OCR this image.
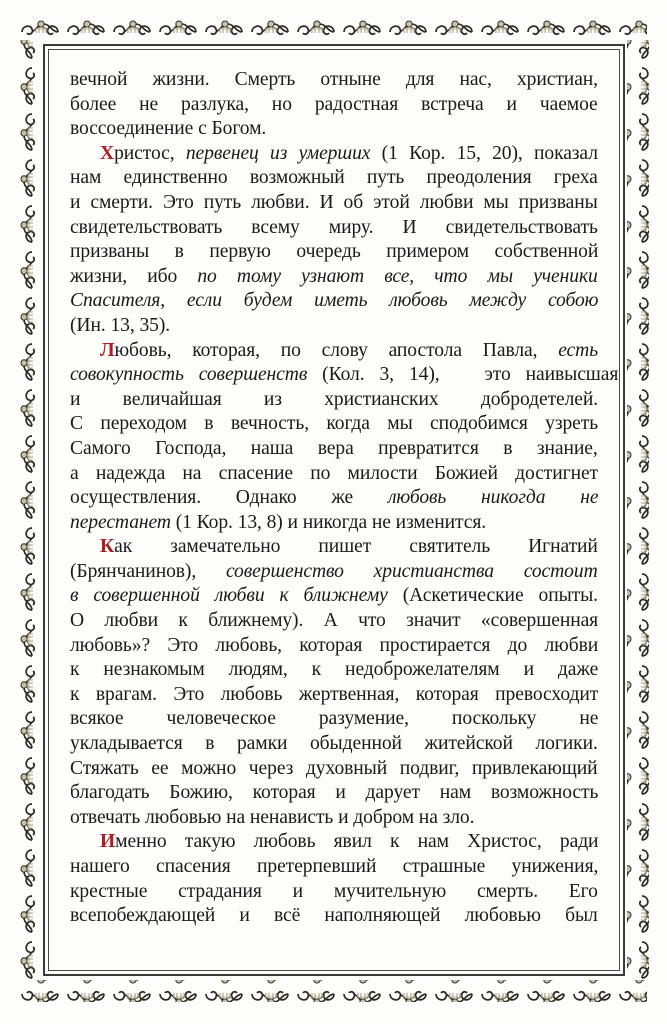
вечной жизни. Смерть отныне для нас, христиан,
более не разлука, но радостная встреча и чаемое
воссоединение с Богом.
Христос, первенец из умерших (1 Кор. 15, 20), показал
нам единственно возможный путь преодоления греха
и смерти. Это путь любви. И об этой любви мы призваны
свидетельствовать всему миру. И свидетельствовать
призваны в первую очередь примером собственной
жизни, ибо по тому узнают все, что мы ученики
Спасителя, если будем иметь любовь между собою
(Ин. 13, 35).
Любовь, которая, по слову апостола Павла, есть
совокупность совершенств (Кол. 3, 14),   это наивысшая
и величайшая из христианских добродетелей.
С переходом в вечность, когда мы сподобимся узреть
Самого Господа, наша вера превратится в знание,
а надежда на спасение по милости Божией достигнет
осуществления. Однако же любовь никогда не
перестанет (1 Кор. 13, 8) и никогда не изменится.
Как замечательно пишет святитель Игнатий
(Брянчанинов), совершенство христианства состоит
в совершенной любви к ближнему (Аскетические опыты.
О любви к ближнему). А что значит «совершенная
любовь»? Это любовь, которая простирается до любви
к незнакомым людям, к недоброжелателям и даже
к врагам. Это любовь жертвенная, которая превосходит
всякое человеческое разумение, поскольку не
укладывается в рамки обыденной житейской логики.
Стяжать ее можно через духовный подвиг, привлекающий
благодать Божию, которая и дарует нам возможность
отвечать любовью на ненависть и добром на зло.
Именно такую любовь явил к нам Христос, ради
нашего спасения претерпевший страшные унижения,
крестные страдания и мучительную смерть. Его
всепобеждающей и всё наполняющей любовью был
